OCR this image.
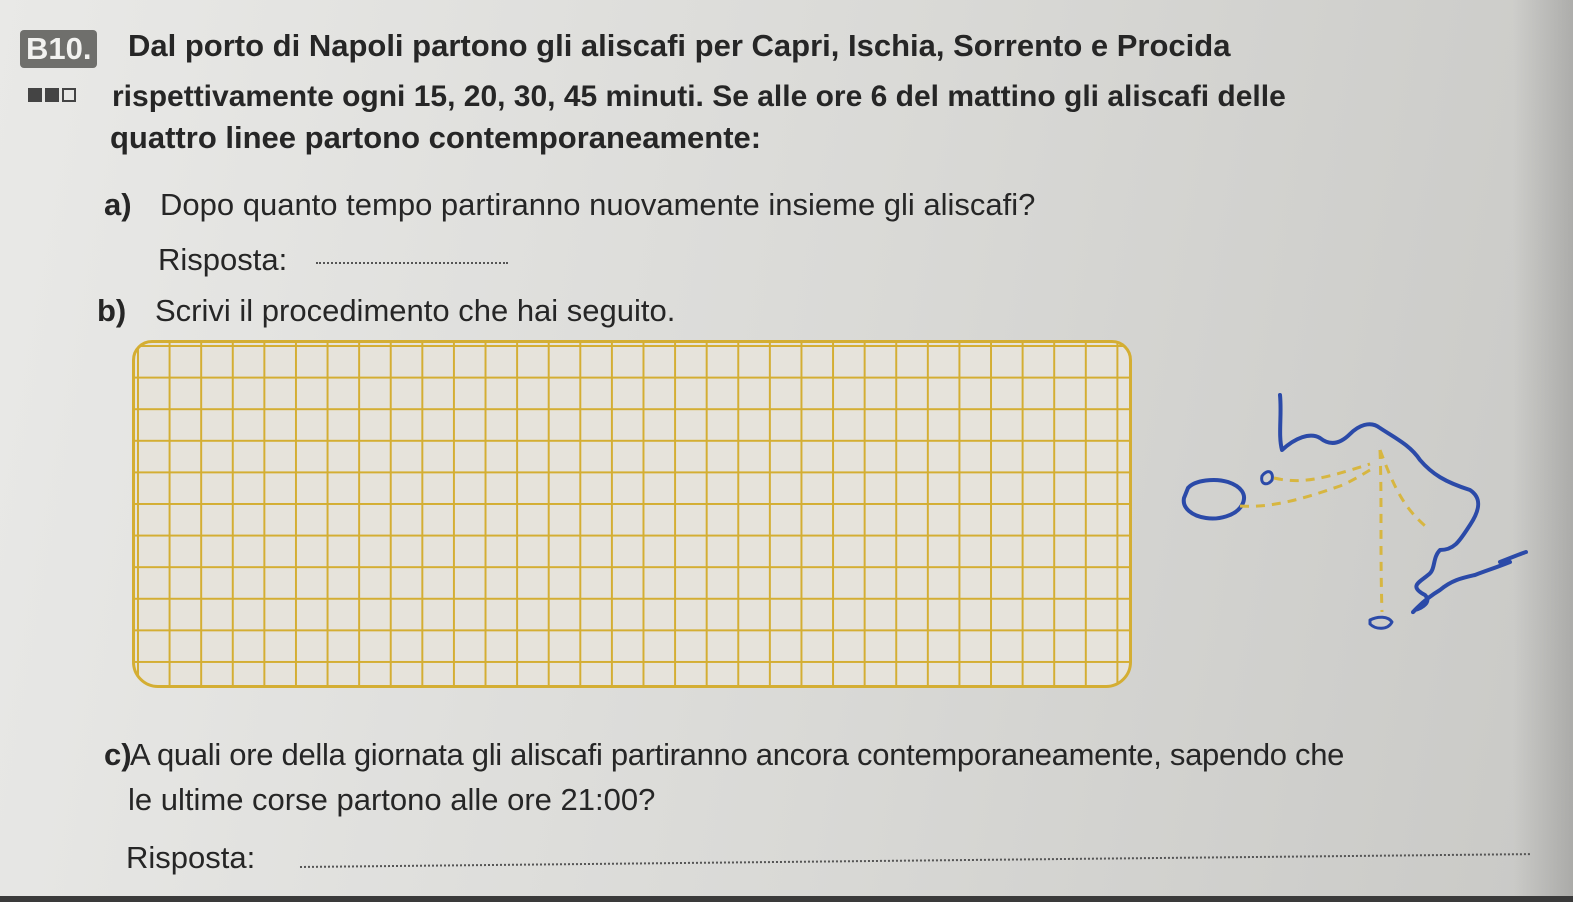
B10. Dal porto di Napoli partono gli aliscafi per Capri, Ischia, Sorrento e Procida
rispettivamente ogni 15, 20, 30, 45 minuti. Se alle ore 6 del mattino gli aliscafi delle
quattro linee partono contemporaneamente:
a) Dopo quanto tempo partiranno nuovamente insieme gli aliscafi?
Risposta:
b) Scrivi il procedimento che hai seguito.
c)
A quali ore della giornata gli aliscafi partiranno ancora contemporaneamente, sapendo che
le ultime corse partono alle ore 21:00?
Risposta:
